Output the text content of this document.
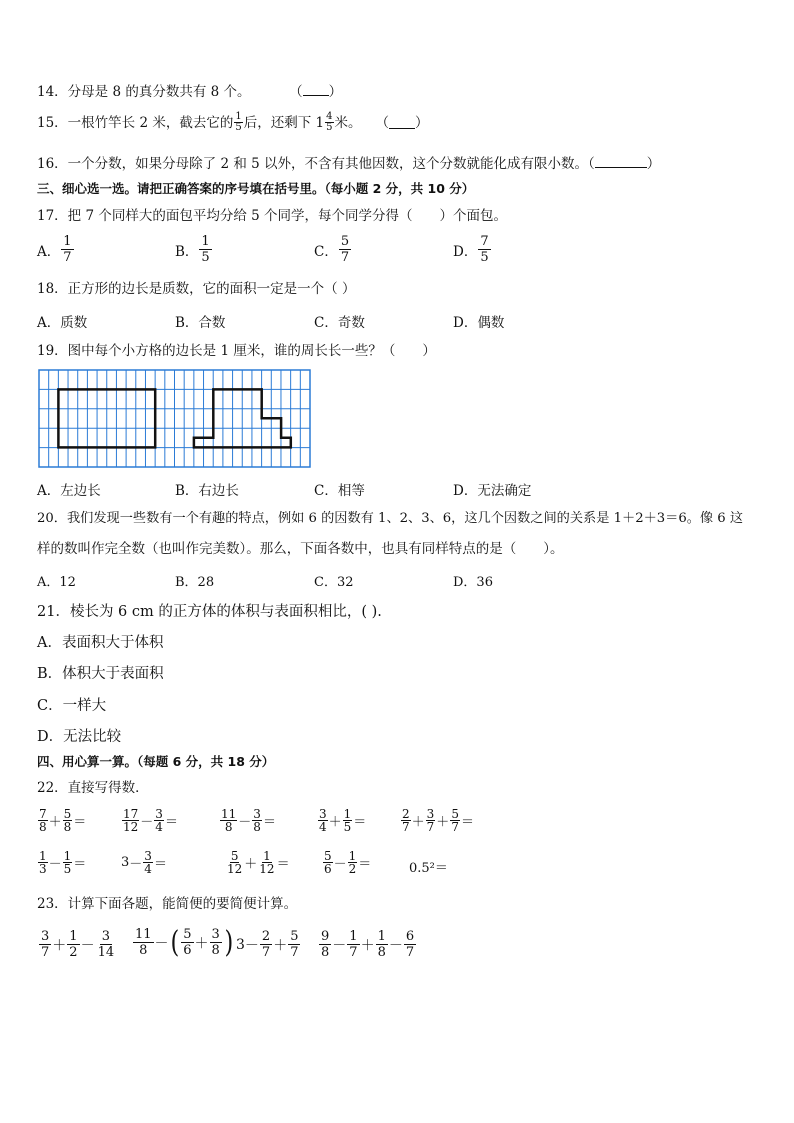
14．分母是 8 的真分数共有 8 个。	（ ）
15．一根竹竿长 2 米，截去它的 $\frac{1}{5}$ 后，还剩下 $1 \frac{4}{5}$ 米。 （ ）
16．一个分数，如果分母除了 2 和 5 以外，不含有其他因数，这个分数就能化成有限小数。（	）
三、细心选一选。请把正确答案的序号填在括号里。（每小题 2 分，共 10 分）
17．把 7 个同样大的面包平均分给 5 个同学，每个同学分得（　　）个面包。
A． $\frac{1}{7}$	B． $\frac{1}{5}$	C． $\frac{5}{7}$	D． $\frac{7}{5}$
18．正方形的边长是质数，它的面积一定是一个（ ）
A．质数	B．合数	C．奇数	D．偶数
19．图中每个小方格的边长是 1 厘米，谁的周长长一些？（　　）
A．左边长	B．右边长	C．相等	D．无法确定
20．我们发现一些数有一个有趣的特点，例如 6 的因数有 1、2、3、6，这几个因数之间的关系是 1＋2＋3＝6。像 6 这
样的数叫作完全数（也叫作完美数）。那么，下面各数中，也具有同样特点的是（　　）。
A．12	B．28	C．32	D．36
21．棱长为 6 cm 的正方体的体积与表面积相比，( ).
A．表面积大于体积
B．体积大于表面积
C．一样大
D．无法比较
四、用心算一算。（每题 6 分，共 18 分）
22．直接写得数．
$\frac{7}{8} + \frac{5}{8}$ ＝	$\frac{17}{12} - \frac{3}{4}$ ＝	$\frac{11}{8} - \frac{3}{8}$ ＝	$\frac{3}{4} + \frac{1}{5}$ ＝	$\frac{2}{7} + \frac{3}{7} + \frac{5}{7}$ ＝
$\frac{1}{3} - \frac{1}{5}$ ＝	$3 - \frac{3}{4}$ ＝	$\frac{5}{12} + \frac{1}{12}$ ＝	$\frac{5}{6} - \frac{1}{2}$ ＝	0.5²＝
23．计算下面各题，能简便的要简便计算。
$\frac{3}{7} + \frac{1}{2} - \frac{3}{14} \frac{11}{8}$ － ( $\frac{5}{6} + \frac{3}{8}$ ) $3 - \frac{2}{7} + \frac{5}{7} \frac{9}{8} - \frac{1}{7} + \frac{1}{8} - \frac{6}{7}$
